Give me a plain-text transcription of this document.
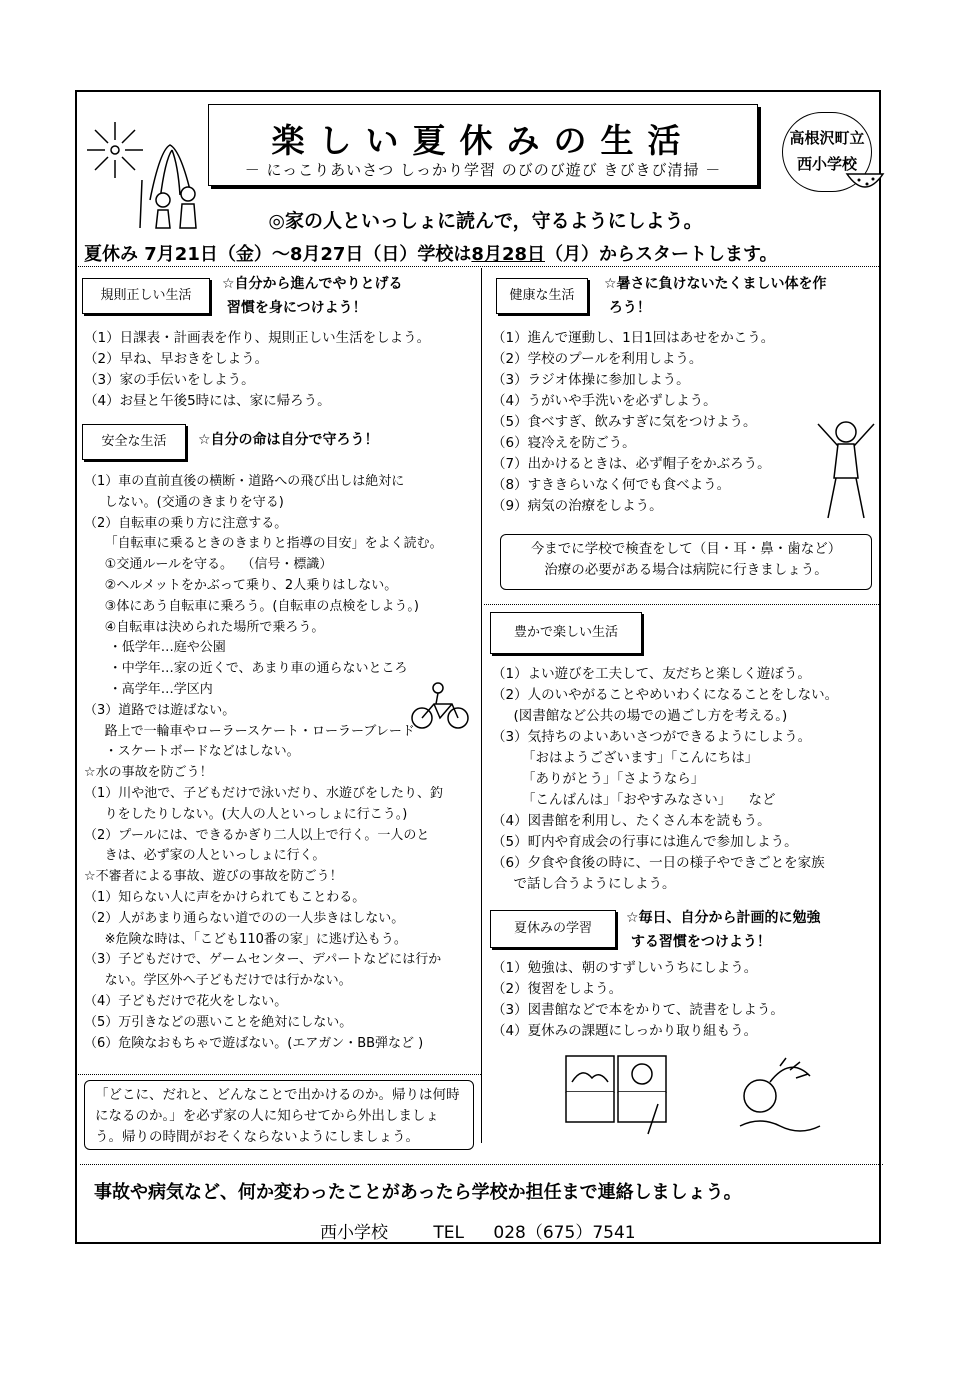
楽しい夏休みの生活
－ にっこりあいさつ しっかり学習 のびのび遊び きびきび清掃 －
高根沢町立
西小学校
◎家の人といっしょに読んで，守るようにしよう。
夏休み 7月21日（金）～8月27日（日）学校は8月28日（月）からスタートします。
規則正しい生活
☆自分から進んでやりとげる
習慣を身につけよう！
（1）日課表・計画表を作り、規則正しい生活をしよう。
（2）早ね、早おきをしよう。
（3）家の手伝いをしよう。
（4）お昼と午後5時には、家に帰ろう。
安全な生活	☆自分の命は自分で守ろう！
（1）車の直前直後の横断・道路への飛び出しは絶対に
しない。(交通のきまりを守る)
（2）自転車の乗り方に注意する。
「自転車に乗るときのきまりと指導の目安」をよく読む。
①交通ルールを守る。  （信号・標識）
②ヘルメットをかぶって乗り、2人乗りはしない。
③体にあう自転車に乗ろう。(自転車の点検をしよう。)
④自転車は決められた場所で乗ろう。
・低学年…庭や公園
・中学年…家の近くで、あまり車の通らないところ
・高学年…学区内
（3）道路では遊ばない。
路上で一輪車やローラースケート・ローラーブレード
・スケートボードなどはしない。
☆水の事故を防ごう！
（1）川や池で、子どもだけで泳いだり、水遊びをしたり、釣
りをしたりしない。(大人の人といっしょに行こう。)
（2）プールには、できるかぎり二人以上で行く。一人のと
きは、必ず家の人といっしょに行く。
☆不審者による事故、遊びの事故を防ごう！
（1）知らない人に声をかけられてもことわる。
（2）人があまり通らない道でのの一人歩きはしない。
※危険な時は、「こども110番の家」に逃げ込もう。
（3）子どもだけで、ゲームセンター、デパートなどには行か
ない。学区外へ子どもだけでは行かない。
（4）子どもだけで花火をしない。
（5）万引きなどの悪いことを絶対にしない。
（6）危険なおもちゃで遊ばない。(エアガン・BB弾など )
「どこに、だれと、どんなことで出かけるのか。帰りは何時
になるのか。」を必ず家の人に知らせてから外出しましょ
う。帰りの時間がおそくならないようにしましょう。
健康な生活
☆暑さに負けないたくましい体を作
ろう！
（1）進んで運動し、1日1回はあせをかこう。
（2）学校のプールを利用しよう。
（3）ラジオ体操に参加しよう。
（4）うがいや手洗いを必ずしよう。
（5）食べすぎ、飲みすぎに気をつけよう。
（6）寝冷えを防ごう。
（7）出かけるときは、必ず帽子をかぶろう。
（8）すききらいなく何でも食べよう。
（9）病気の治療をしよう。
今までに学校で検査をして（目・耳・鼻・歯など）
治療の必要がある場合は病院に行きましょう。
豊かで楽しい生活
（1）よい遊びを工夫して、友だちと楽しく遊ぼう。
（2）人のいやがることやめいわくになることをしない。
(図書館など公共の場での過ごし方を考える。)
（3）気持ちのよいあいさつができるようにしよう。
「おはようございます」「こんにちは」
「ありがとう」「さようなら」
「こんばんは」「おやすみなさい」    など
（4）図書館を利用し、たくさん本を読もう。
（5）町内や育成会の行事には進んで参加しよう。
（6）夕食や食後の時に、一日の様子やできごとを家族
で話し合うようにしよう。
夏休みの学習
☆毎日、自分から計画的に勉強
する習慣をつけよう！
（1）勉強は、朝のすずしいうちにしよう。
（2）復習をしよう。
（3）図書館などで本をかりて、読書をしよう。
（4）夏休みの課題にしっかり取り組もう。
事故や病気など、何か変わったことがあったら学校か担任まで連絡しましょう。
西小学校	TEL 028（675）7541
